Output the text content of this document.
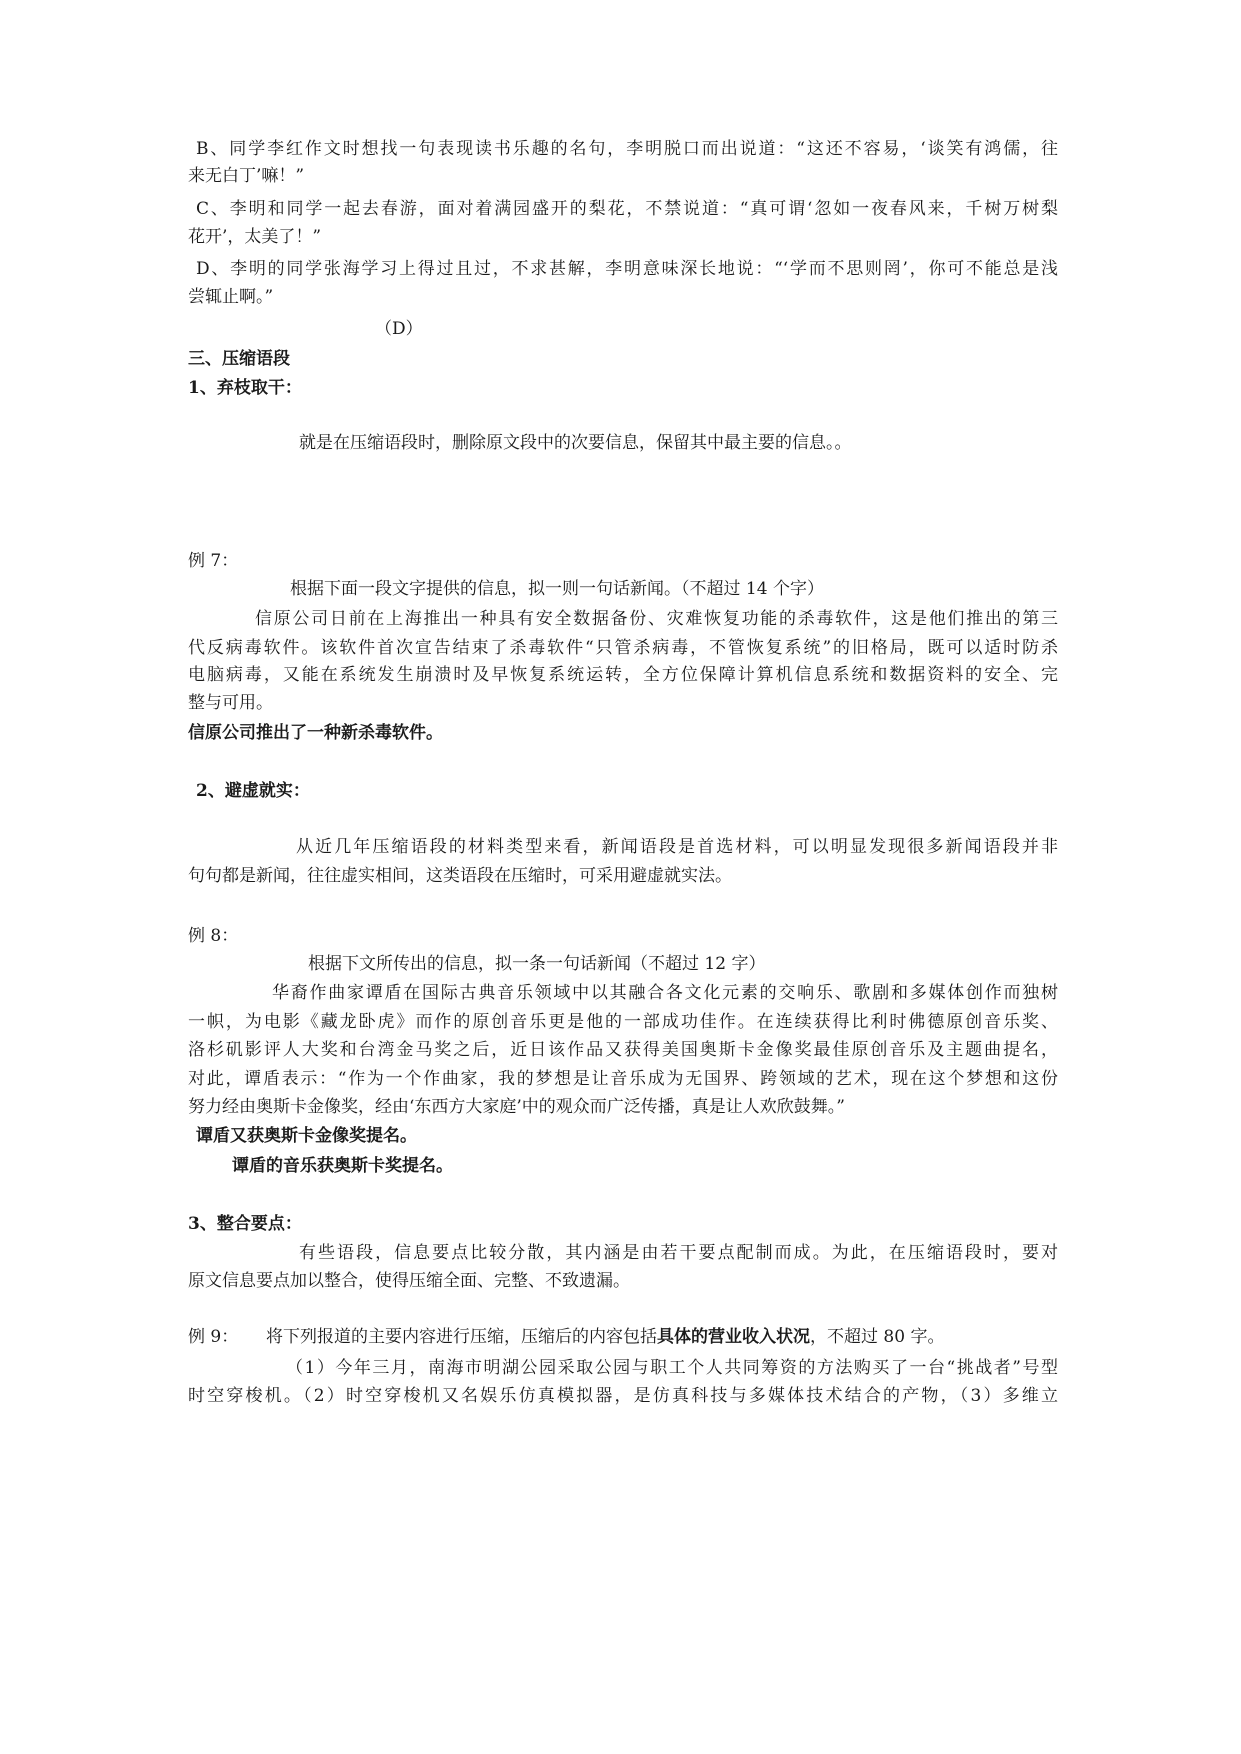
B、同学李红作文时想找一句表现读书乐趣的名句，李明脱口而出说道：“这还不容易，‘谈笑有鸿儒，往
来无白丁’嘛！”
C、李明和同学一起去春游，面对着满园盛开的梨花，不禁说道：“真可谓‘忽如一夜春风来，千树万树梨
花开’，太美了！”
D、李明的同学张海学习上得过且过，不求甚解，李明意味深长地说：“‘学而不思则罔’，你可不能总是浅
尝辄止啊。”
（D）
三、压缩语段
1、弃枝取干：
就是在压缩语段时，删除原文段中的次要信息，保留其中最主要的信息。。
例 7：
根据下面一段文字提供的信息，拟一则一句话新闻。（不超过 14 个字）
信原公司日前在上海推出一种具有安全数据备份、灾难恢复功能的杀毒软件，这是他们推出的第三
代反病毒软件。该软件首次宣告结束了杀毒软件“只管杀病毒，不管恢复系统”的旧格局，既可以适时防杀
电脑病毒，又能在系统发生崩溃时及早恢复系统运转，全方位保障计算机信息系统和数据资料的安全、完
整与可用。
信原公司推出了一种新杀毒软件。
2、避虚就实：
从近几年压缩语段的材料类型来看，新闻语段是首选材料，可以明显发现很多新闻语段并非
句句都是新闻，往往虚实相间，这类语段在压缩时，可采用避虚就实法。
例 8：
根据下文所传出的信息，拟一条一句话新闻（不超过 12 字）
华裔作曲家谭盾在国际古典音乐领域中以其融合各文化元素的交响乐、歌剧和多媒体创作而独树
一帜，为电影《藏龙卧虎》而作的原创音乐更是他的一部成功佳作。在连续获得比利时佛德原创音乐奖、
洛杉矶影评人大奖和台湾金马奖之后，近日该作品又获得美国奥斯卡金像奖最佳原创音乐及主题曲提名，
对此，谭盾表示：“作为一个作曲家，我的梦想是让音乐成为无国界、跨领域的艺术，现在这个梦想和这份
努力经由奥斯卡金像奖，经由‘东西方大家庭’中的观众而广泛传播，真是让人欢欣鼓舞。”
谭盾又获奥斯卡金像奖提名。
谭盾的音乐获奥斯卡奖提名。
3、整合要点：
有些语段，信息要点比较分散，其内涵是由若干要点配制而成。为此，在压缩语段时，要对
原文信息要点加以整合，使得压缩全面、完整、不致遗漏。
例 9：	将下列报道的主要内容进行压缩，压缩后的内容包括具体的营业收入状况，不超过 80 字。
（1）今年三月，南海市明湖公园采取公园与职工个人共同筹资的方法购买了一台“挑战者”号型
时空穿梭机。（2）时空穿梭机又名娱乐仿真模拟器，是仿真科技与多媒体技术结合的产物，（3）多维立
